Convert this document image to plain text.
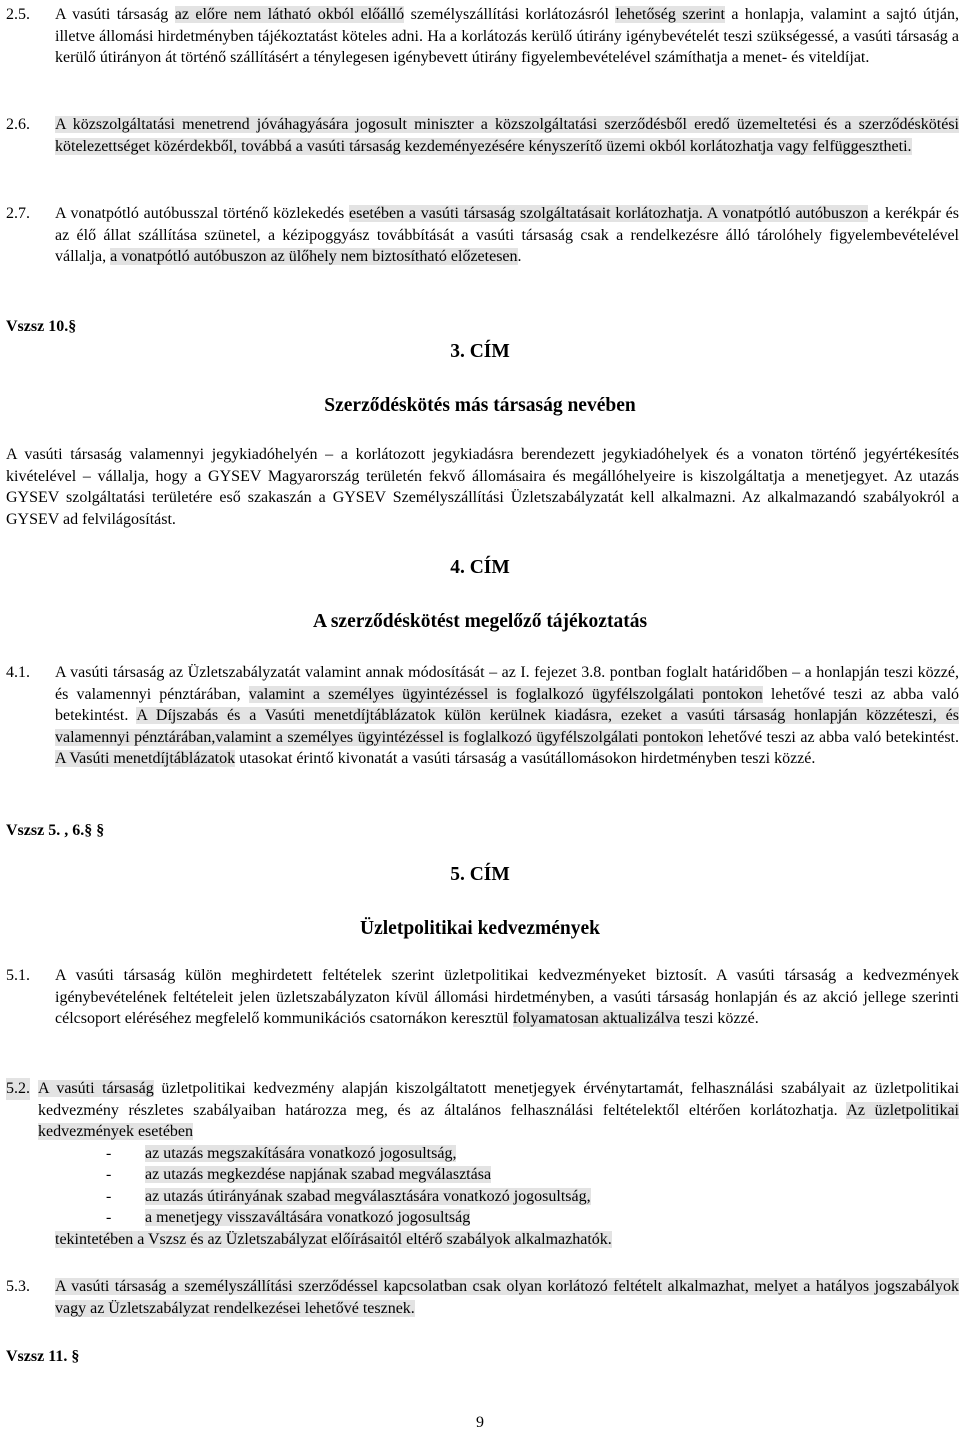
2.5. A vasúti társaság az előre nem látható okból előálló személyszállítási korlátozásról lehetőség szerint a honlapja, valamint a sajtó útján, illetve állomási hirdetményben tájékoztatást köteles adni. Ha a korlátozás kerülő útirány igénybevételét teszi szükségessé, a vasúti társaság a kerülő útirányon át történő szállításért a ténylegesen igénybevett útirány figyelembevételével számíthatja a menet- és viteldíjat.
2.6. A közszolgáltatási menetrend jóváhagyására jogosult miniszter a közszolgáltatási szerződésből eredő üzemeltetési és a szerződéskötési kötelezettséget közérdekből, továbbá a vasúti társaság kezdeményezésére kényszerítő üzemi okból korlátozhatja vagy felfüggesztheti.
2.7. A vonatpótló autóbusszal történő közlekedés esetében a vasúti társaság szolgáltatásait korlátozhatja. A vonatpótló autóbuszon a kerékpár és az élő állat szállítása szünetel, a kézipoggyász továbbítását a vasúti társaság csak a rendelkezésre álló tárolóhely figyelembevételével vállalja, a vonatpótló autóbuszon az ülőhely nem biztosítható előzetesen.
Vszsz 10.§
3. CÍM
Szerződéskötés más társaság nevében
A vasúti társaság valamennyi jegykiadóhelyén – a korlátozott jegykiadásra berendezett jegykiadóhelyek és a vonaton történő jegyértékesítés kivételével – vállalja, hogy a GYSEV Magyarország területén fekvő állomásaira és megállóhelyeire is kiszolgáltatja a menetjegyet. Az utazás GYSEV szolgáltatási területére eső szakaszán a GYSEV Személyszállítási Üzletszabályzatát kell alkalmazni. Az alkalmazandó szabályokról a GYSEV ad felvilágosítást.
4. CÍM
A szerződéskötést megelőző tájékoztatás
4.1. A vasúti társaság az Üzletszabályzatát valamint annak módosítását – az I. fejezet 3.8. pontban foglalt határidőben – a honlapján teszi közzé, és valamennyi pénztárában, valamint a személyes ügyintézéssel is foglalkozó ügyfélszolgálati pontokon lehetővé teszi az abba való betekintést. A Díjszabás és a Vasúti menetdíjtáblázatok külön kerülnek kiadásra, ezeket a vasúti társaság honlapján közzéteszi, és valamennyi pénztárában,valamint a személyes ügyintézéssel is foglalkozó ügyfélszolgálati pontokon lehetővé teszi az abba való betekintést. A Vasúti menetdíjtáblázatok utasokat érintő kivonatát a vasúti társaság a vasútállomásokon hirdetményben teszi közzé.
Vszsz 5. , 6.§ §
5. CÍM
Üzletpolitikai kedvezmények
5.1. A vasúti társaság külön meghirdetett feltételek szerint üzletpolitikai kedvezményeket biztosít. A vasúti társaság a kedvezmények igénybevételének feltételeit jelen üzletszabályzaton kívül állomási hirdetményben, a vasúti társaság honlapján és az akció jellege szerinti célcsoport eléréséhez megfelelő kommunikációs csatornákon keresztül folyamatosan aktualizálva teszi közzé.
5.2. A vasúti társaság üzletpolitikai kedvezmény alapján kiszolgáltatott menetjegyek érvénytartamát, felhasználási szabályait az üzletpolitikai kedvezmény részletes szabályaiban határozza meg, és az általános felhasználási feltételektől eltérően korlátozhatja. Az üzletpolitikai kedvezmények esetében
- az utazás megszakítására vonatkozó jogosultság,
- az utazás megkezdése napjának szabad megválasztása
- az utazás útirányának szabad megválasztására vonatkozó jogosultság,
- a menetjegy visszaváltására vonatkozó jogosultság
tekintetében a Vszsz és az Üzletszabályzat előírásaitól eltérő szabályok alkalmazhatók.
5.3. A vasúti társaság a személyszállítási szerződéssel kapcsolatban csak olyan korlátozó feltételt alkalmazhat, melyet a hatályos jogszabályok vagy az Üzletszabályzat rendelkezései lehetővé tesznek.
Vszsz 11. §
9
